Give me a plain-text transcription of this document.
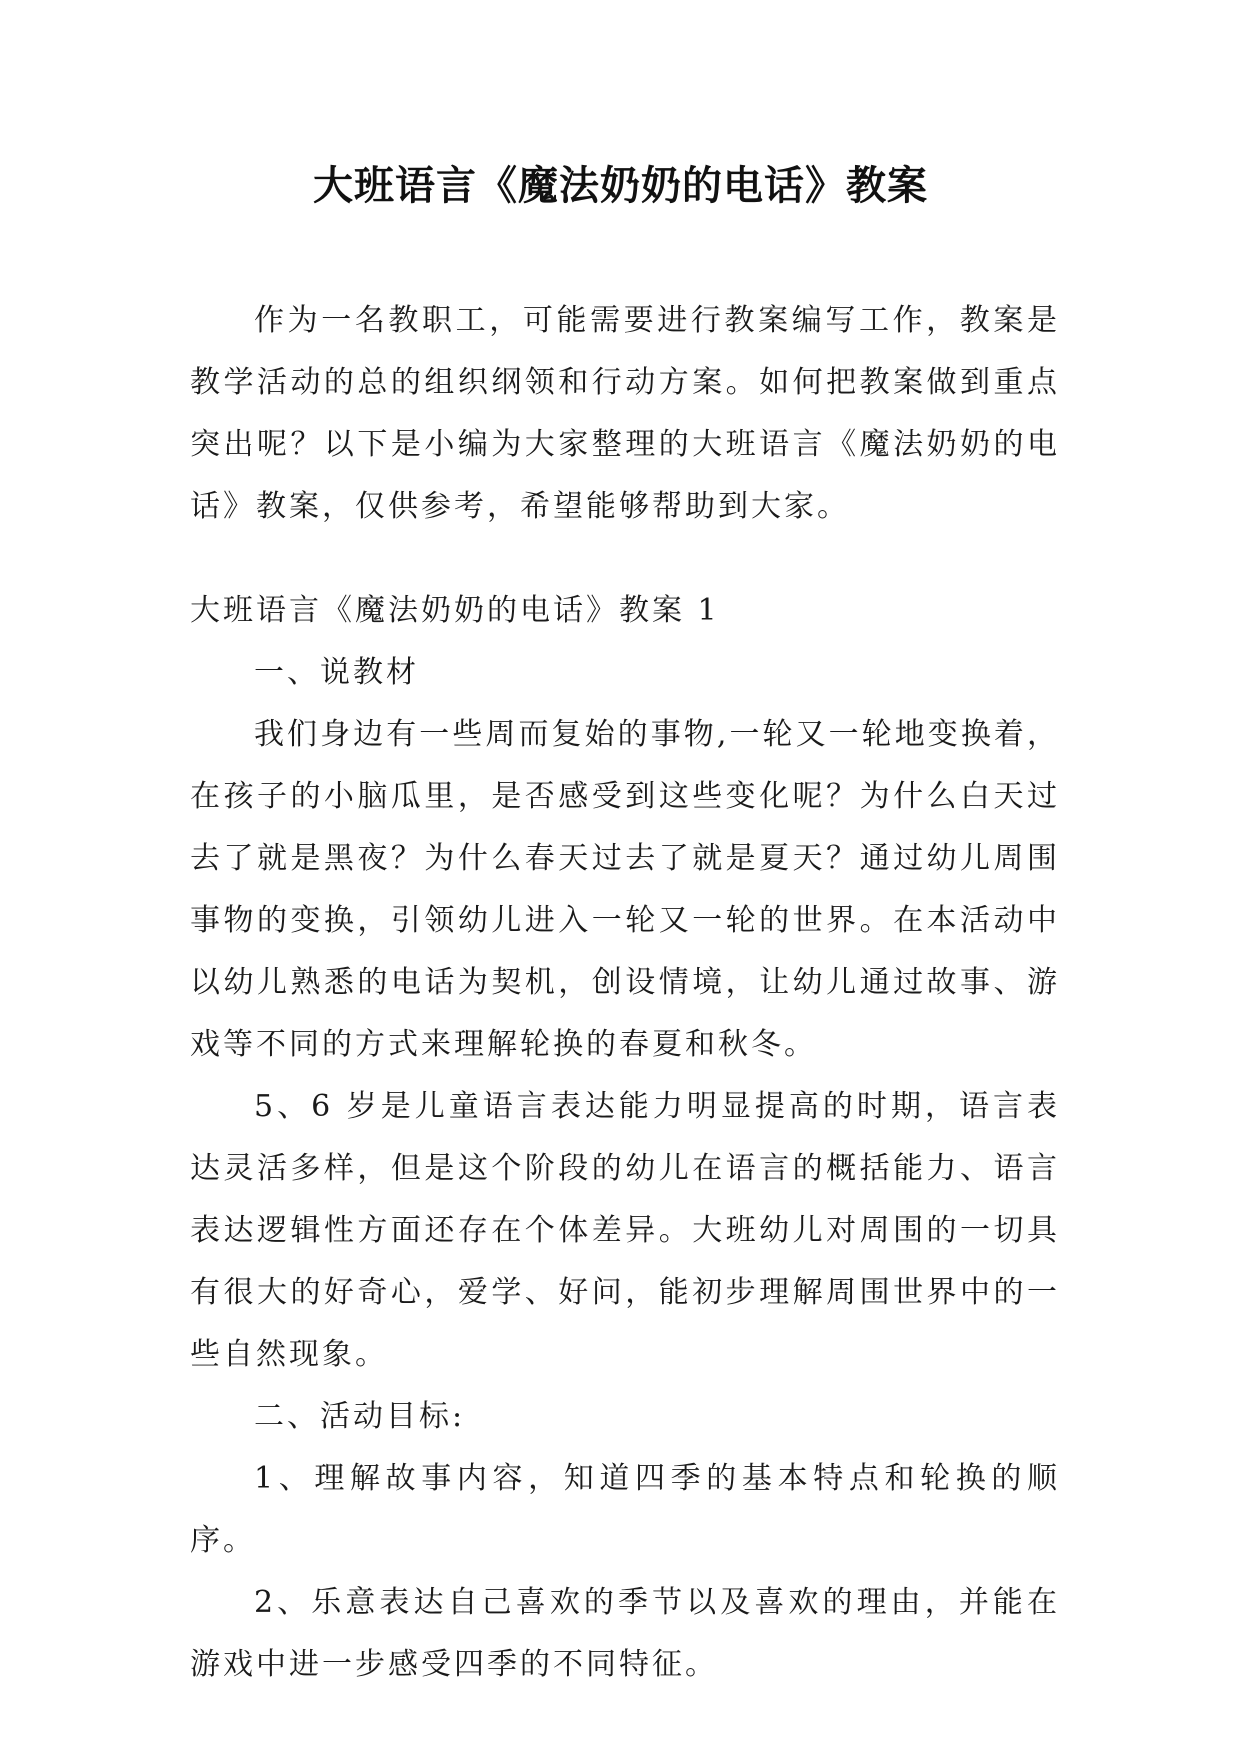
大班语言《魔法奶奶的电话》教案

作为一名教职工，可能需要进行教案编写工作，教案是教学活动的总的组织纲领和行动方案。如何把教案做到重点突出呢？以下是小编为大家整理的大班语言《魔法奶奶的电话》教案，仅供参考，希望能够帮助到大家。

大班语言《魔法奶奶的电话》教案 1

一、说教材

我们身边有一些周而复始的事物,一轮又一轮地变换着，在孩子的小脑瓜里，是否感受到这些变化呢？为什么白天过去了就是黑夜？为什么春天过去了就是夏天？通过幼儿周围事物的变换，引领幼儿进入一轮又一轮的世界。在本活动中以幼儿熟悉的电话为契机，创设情境，让幼儿通过故事、游戏等不同的方式来理解轮换的春夏和秋冬。

5、6 岁是儿童语言表达能力明显提高的时期，语言表达灵活多样，但是这个阶段的幼儿在语言的概括能力、语言表达逻辑性方面还存在个体差异。大班幼儿对周围的一切具有很大的好奇心，爱学、好问，能初步理解周围世界中的一些自然现象。

二、活动目标:

1、理解故事内容，知道四季的基本特点和轮换的顺序。

2、乐意表达自己喜欢的季节以及喜欢的理由，并能在游戏中进一步感受四季的不同特征。
